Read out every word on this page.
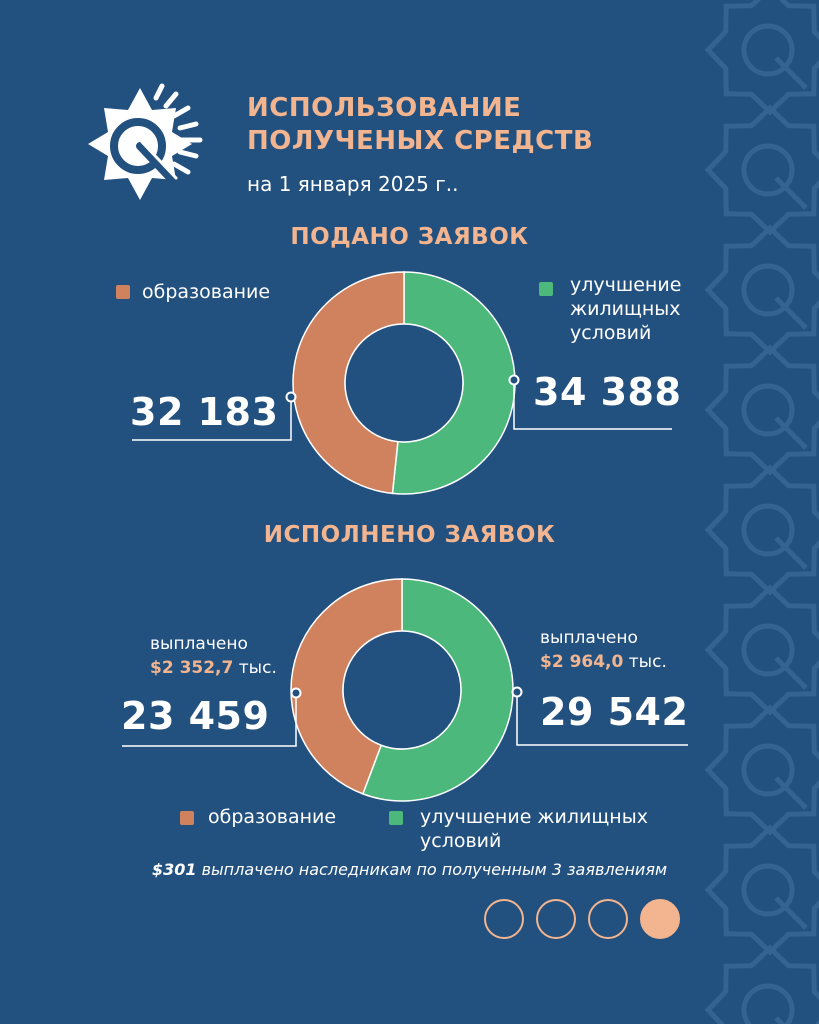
ИСПОЛЬЗОВАНИЕ
ПОЛУЧЕНЫХ СРЕДСТВ
на 1 января 2025 г..
ПОДАНО ЗАЯВОК
образование	улучшение
жилищных
условий
32 183	34 388
ИСПОЛНЕНО ЗАЯВОК
выплачено
$2 352,7 тыс.
23 459
выплачено
$2 964,0 тыс.
29 542
образование	улучшение жилищных
условий
$301 выплачено наследникам по полученным 3 заявлениям
